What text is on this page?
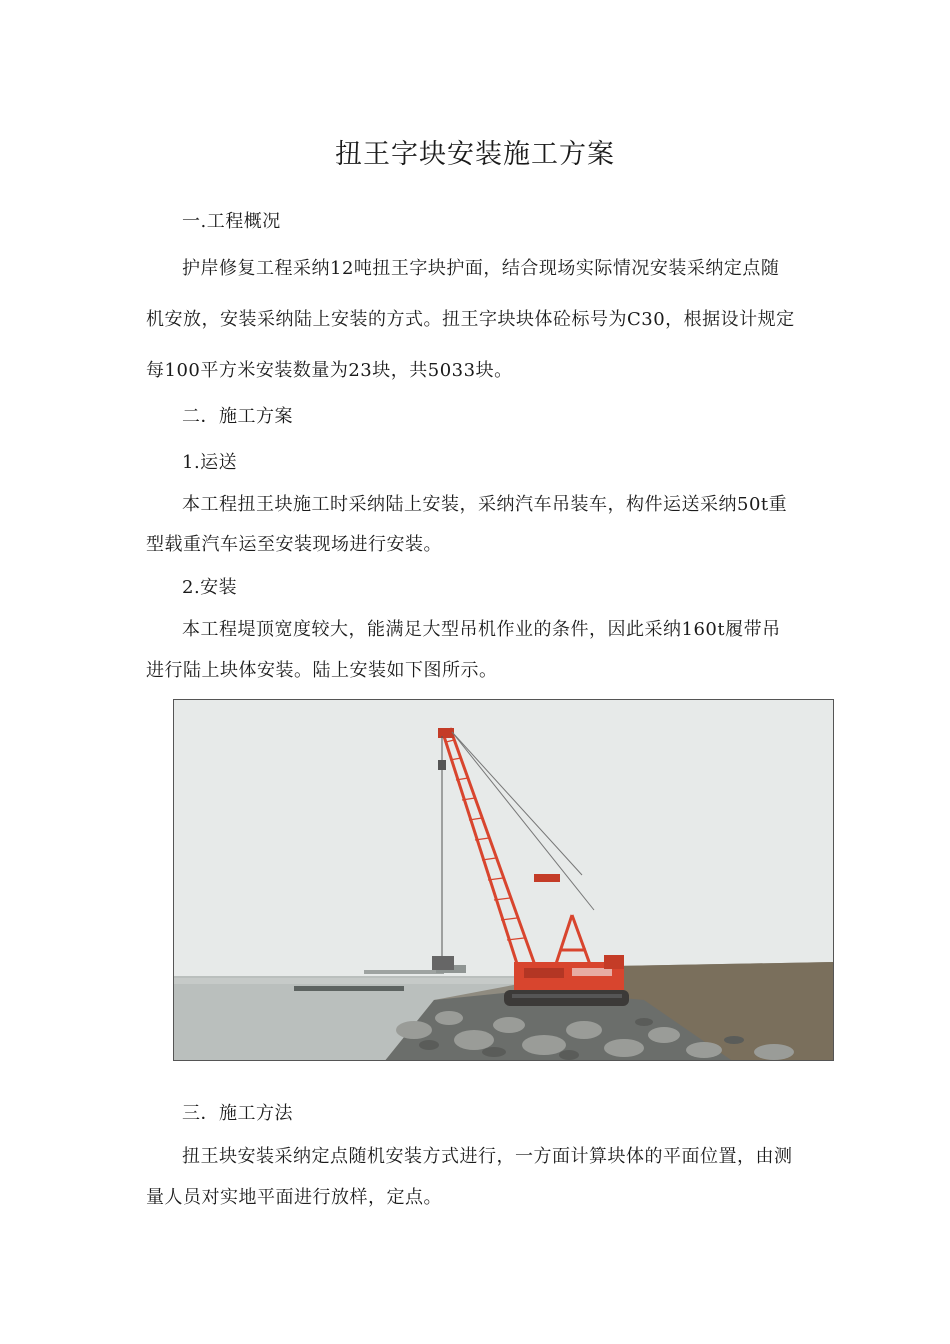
扭王字块安装施工方案
一.工程概况
护岸修复工程采纳12吨扭王字块护面，结合现场实际情况安装采纳定点随
机安放，安装采纳陆上安装的方式。扭王字块块体砼标号为C30，根据设计规定
每100平方米安装数量为23块，共5033块。
二．施工方案
1.运送
本工程扭王块施工时采纳陆上安装，采纳汽车吊装车，构件运送采纳50t重
型载重汽车运至安装现场进行安装。
2.安装
本工程堤顶宽度较大，能满足大型吊机作业的条件，因此采纳160t履带吊
进行陆上块体安装。陆上安装如下图所示。
三．施工方法
扭王块安装采纳定点随机安装方式进行，一方面计算块体的平面位置，由测
量人员对实地平面进行放样，定点。
